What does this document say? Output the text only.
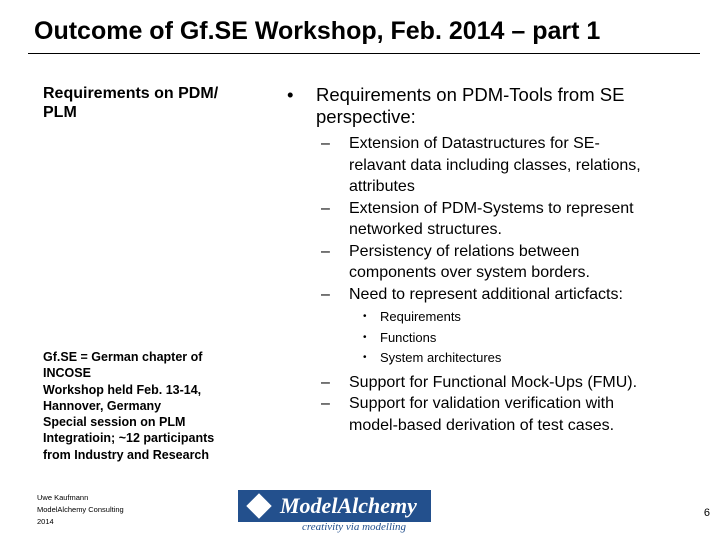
Outcome of Gf.SE Workshop, Feb. 2014 – part 1
Requirements on PDM/
PLM
Gf.SE = German chapter of
INCOSE
Workshop held Feb. 13-14,
Hannover, Germany
Special session on PLM
Integratioin; ~12 participants
from Industry and Research
•	Requirements on PDM-Tools from SE
perspective:
–	Extension of Datastructures for SE-
relavant data including classes, relations,
attributes
–	Extension of PDM-Systems to represent
networked structures.
–	Persistency of relations between
components over system borders.
–	Need to represent additional articfacts:
•	Requirements
•	Functions
•	System architectures
–	Support for Functional Mock-Ups (FMU).
–	Support for validation verification with
model-based derivation of test cases.
Uwe Kaufmann
ModelAlchemy Consulting
2014
ModelAlchemy
creativity via modelling
6
